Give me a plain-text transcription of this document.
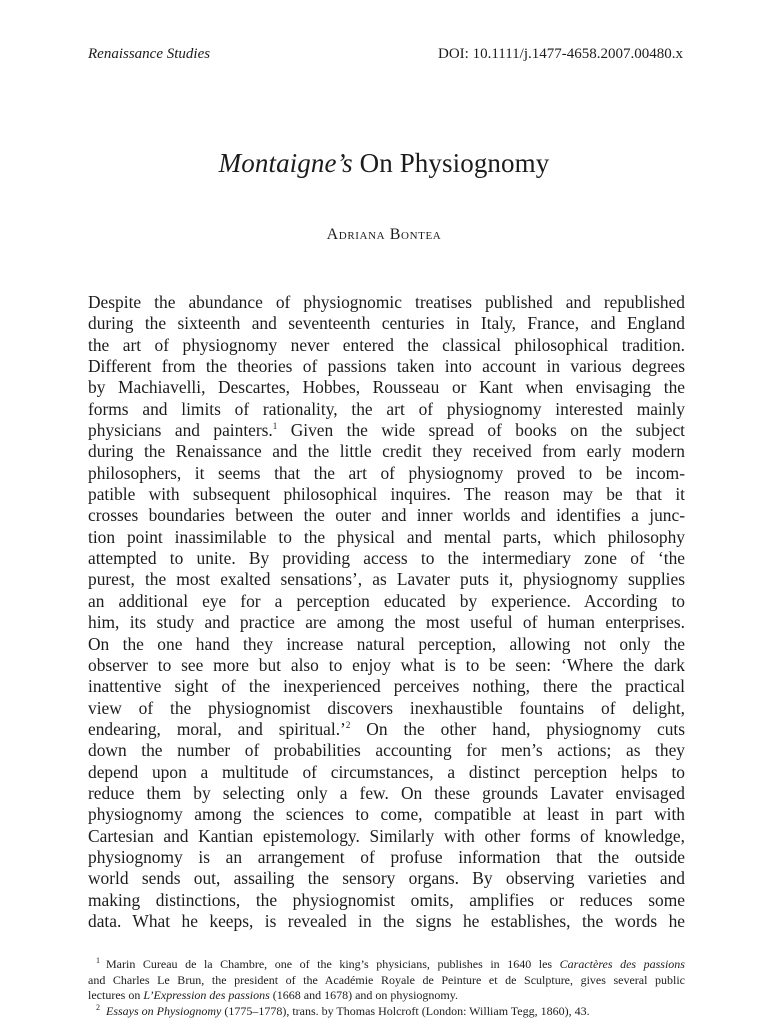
Renaissance Studies	DOI: 10.1111/j.1477-4658.2007.00480.x
Montaigne’s On Physiognomy
Adriana Bontea
Despite the abundance of physiognomic treatises published and republished
during the sixteenth and seventeenth centuries in Italy, France, and England
the art of physiognomy never entered the classical philosophical tradition.
Different from the theories of passions taken into account in various degrees
by Machiavelli, Descartes, Hobbes, Rousseau or Kant when envisaging the
forms and limits of rationality, the art of physiognomy interested mainly
physicians and painters.$^1$ Given the wide spread of books on the subject
during the Renaissance and the little credit they received from early modern
philosophers, it seems that the art of physiognomy proved to be incom-
patible with subsequent philosophical inquires. The reason may be that it
crosses boundaries between the outer and inner worlds and identifies a junc-
tion point inassimilable to the physical and mental parts, which philosophy
attempted to unite. By providing access to the intermediary zone of ‘the
purest, the most exalted sensations’, as Lavater puts it, physiognomy supplies
an additional eye for a perception educated by experience. According to
him, its study and practice are among the most useful of human enterprises.
On the one hand they increase natural perception, allowing not only the
observer to see more but also to enjoy what is to be seen: ‘Where the dark
inattentive sight of the inexperienced perceives nothing, there the practical
view of the physiognomist discovers inexhaustible fountains of delight,
endearing, moral, and spiritual.’$^2$ On the other hand, physiognomy cuts
down the number of probabilities accounting for men’s actions; as they
depend upon a multitude of circumstances, a distinct perception helps to
reduce them by selecting only a few. On these grounds Lavater envisaged
physiognomy among the sciences to come, compatible at least in part with
Cartesian and Kantian epistemology. Similarly with other forms of knowledge,
physiognomy is an arrangement of profuse information that the outside
world sends out, assailing the sensory organs. By observing varieties and
making distinctions, the physiognomist omits, amplifies or reduces some
data. What he keeps, is revealed in the signs he establishes, the words he
$^1$ Marin Cureau de la Chambre, one of the king’s physicians, publishes in 1640 les Caractères des passions
and Charles Le Brun, the president of the Académie Royale de Peinture et de Sculpture, gives several public
lectures on L’Expression des passions (1668 and 1678) and on physiognomy.
$^2$ Essays on Physiognomy (1775–1778), trans. by Thomas Holcroft (London: William Tegg, 1860), 43.
